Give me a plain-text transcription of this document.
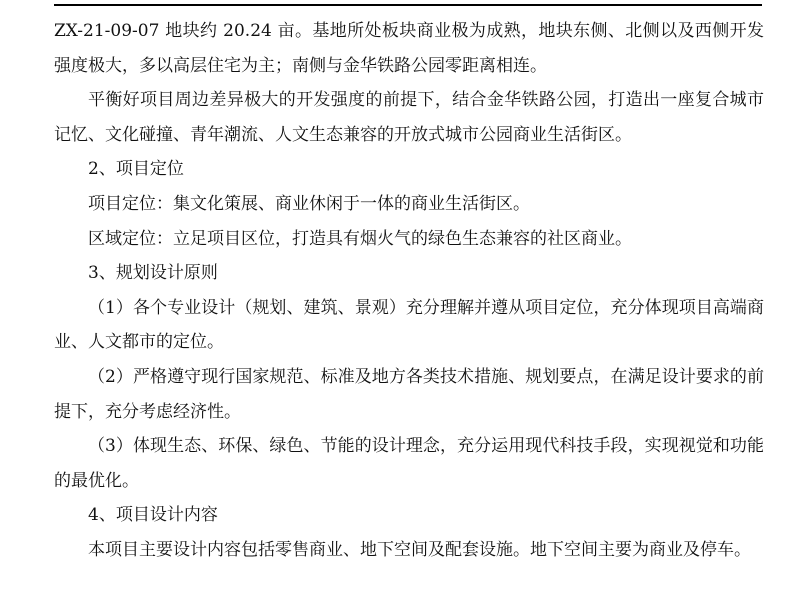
ZX-21-09-07 地块约 20.24 亩。基地所处板块商业极为成熟，地块东侧、北侧以及西侧开发强度极大，多以高层住宅为主；南侧与金华铁路公园零距离相连。

平衡好项目周边差异极大的开发强度的前提下，结合金华铁路公园，打造出一座复合城市记忆、文化碰撞、青年潮流、人文生态兼容的开放式城市公园商业生活街区。

2、项目定位

项目定位：集文化策展、商业休闲于一体的商业生活街区。

区域定位：立足项目区位，打造具有烟火气的绿色生态兼容的社区商业。

3、规划设计原则

（1）各个专业设计（规划、建筑、景观）充分理解并遵从项目定位，充分体现项目高端商业、人文都市的定位。

（2）严格遵守现行国家规范、标准及地方各类技术措施、规划要点，在满足设计要求的前提下，充分考虑经济性。

（3）体现生态、环保、绿色、节能的设计理念，充分运用现代科技手段，实现视觉和功能的最优化。

4、项目设计内容

本项目主要设计内容包括零售商业、地下空间及配套设施。地下空间主要为商业及停车。
